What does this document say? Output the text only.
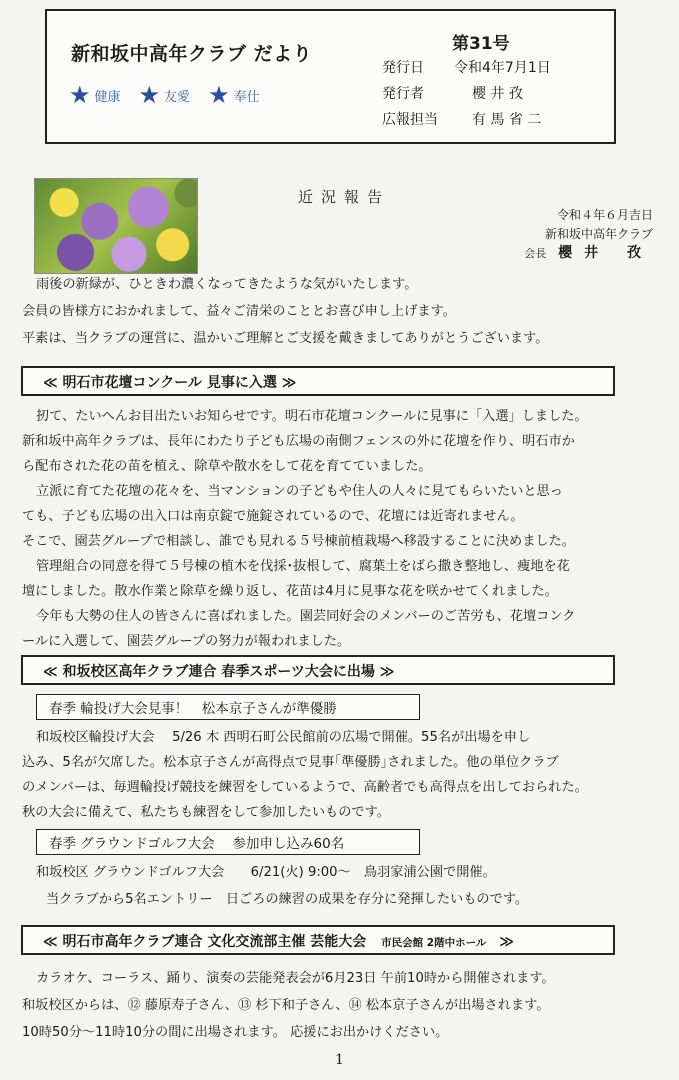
新和坂中高年クラブ だより
★ 健康 ★ 友愛 ★ 奉仕
第31号
発行日	令和4年7月1日
発行者	櫻 井 孜
広報担当	有 馬 省 二
近況報告
令和４年６月吉日
新和坂中高年クラブ
会長 櫻井 孜
雨後の新緑が、ひときわ濃くなってきたような気がいたします。
会員の皆様方におかれまして、益々ご清栄のこととお喜び申し上げます。
平素は、当クラブの運営に、温かいご理解とご支援を戴きましてありがとうございます。
≪ 明石市花壇コンクール 見事に入選 ≫
扨て、たいへんお目出たいお知らせです。明石市花壇コンクールに見事に「入選」しました。
新和坂中高年クラブは、長年にわたり子ども広場の南側フェンスの外に花壇を作り、明石市か
ら配布された花の苗を植え、除草や散水をして花を育てていました。
立派に育てた花壇の花々を、当マンションの子どもや住人の人々に見てもらいたいと思っ
ても、子ども広場の出入口は南京錠で施錠されているので、花壇には近寄れません。
そこで、園芸グループで相談し、誰でも見れる５号棟前植栽場へ移設することに決めました。
管理組合の同意を得て５号棟の植木を伐採･抜根して、腐葉土をばら撒き整地し、痩地を花
壇にしました。散水作業と除草を繰り返し、花苗は4月に見事な花を咲かせてくれました。
今年も大勢の住人の皆さんに喜ばれました。園芸同好会のメンバーのご苦労も、花壇コンク
ールに入選して、園芸グループの努力が報われました。
≪ 和坂校区高年クラブ連合 春季スポーツ大会に出場 ≫
春季 輪投げ大会見事！　松本京子さんが準優勝
和坂校区輪投げ大会　 5/26 木 西明石町公民館前の広場で開催。55名が出場を申し
込み、5名が欠席した。松本京子さんが高得点で見事｢準優勝｣されました。他の単位クラブ
のメンバーは、毎週輪投げ競技を練習をしているようで、高齢者でも高得点を出しておられた。
秋の大会に備えて、私たちも練習をして参加したいものです。
春季 グラウンドゴルフ大会　 参加申し込み60名
和坂校区 グラウンドゴルフ大会　　6/21(火) 9:00～　鳥羽家浦公園で開催。
当クラブから5名エントリー　日ごろの練習の成果を存分に発揮したいものです。
≪ 明石市高年クラブ連合 文化交流部主催 芸能大会 市民会館 2階中ホール ≫
カラオケ、コーラス、踊り、演奏の芸能発表会が6月23日 午前10時から開催されます。
和坂校区からは、⑫ 藤原寿子さん、⑬ 杉下和子さん、⑭ 松本京子さんが出場されます。
10時50分～11時10分の間に出場されます。 応援にお出かけください。
1
